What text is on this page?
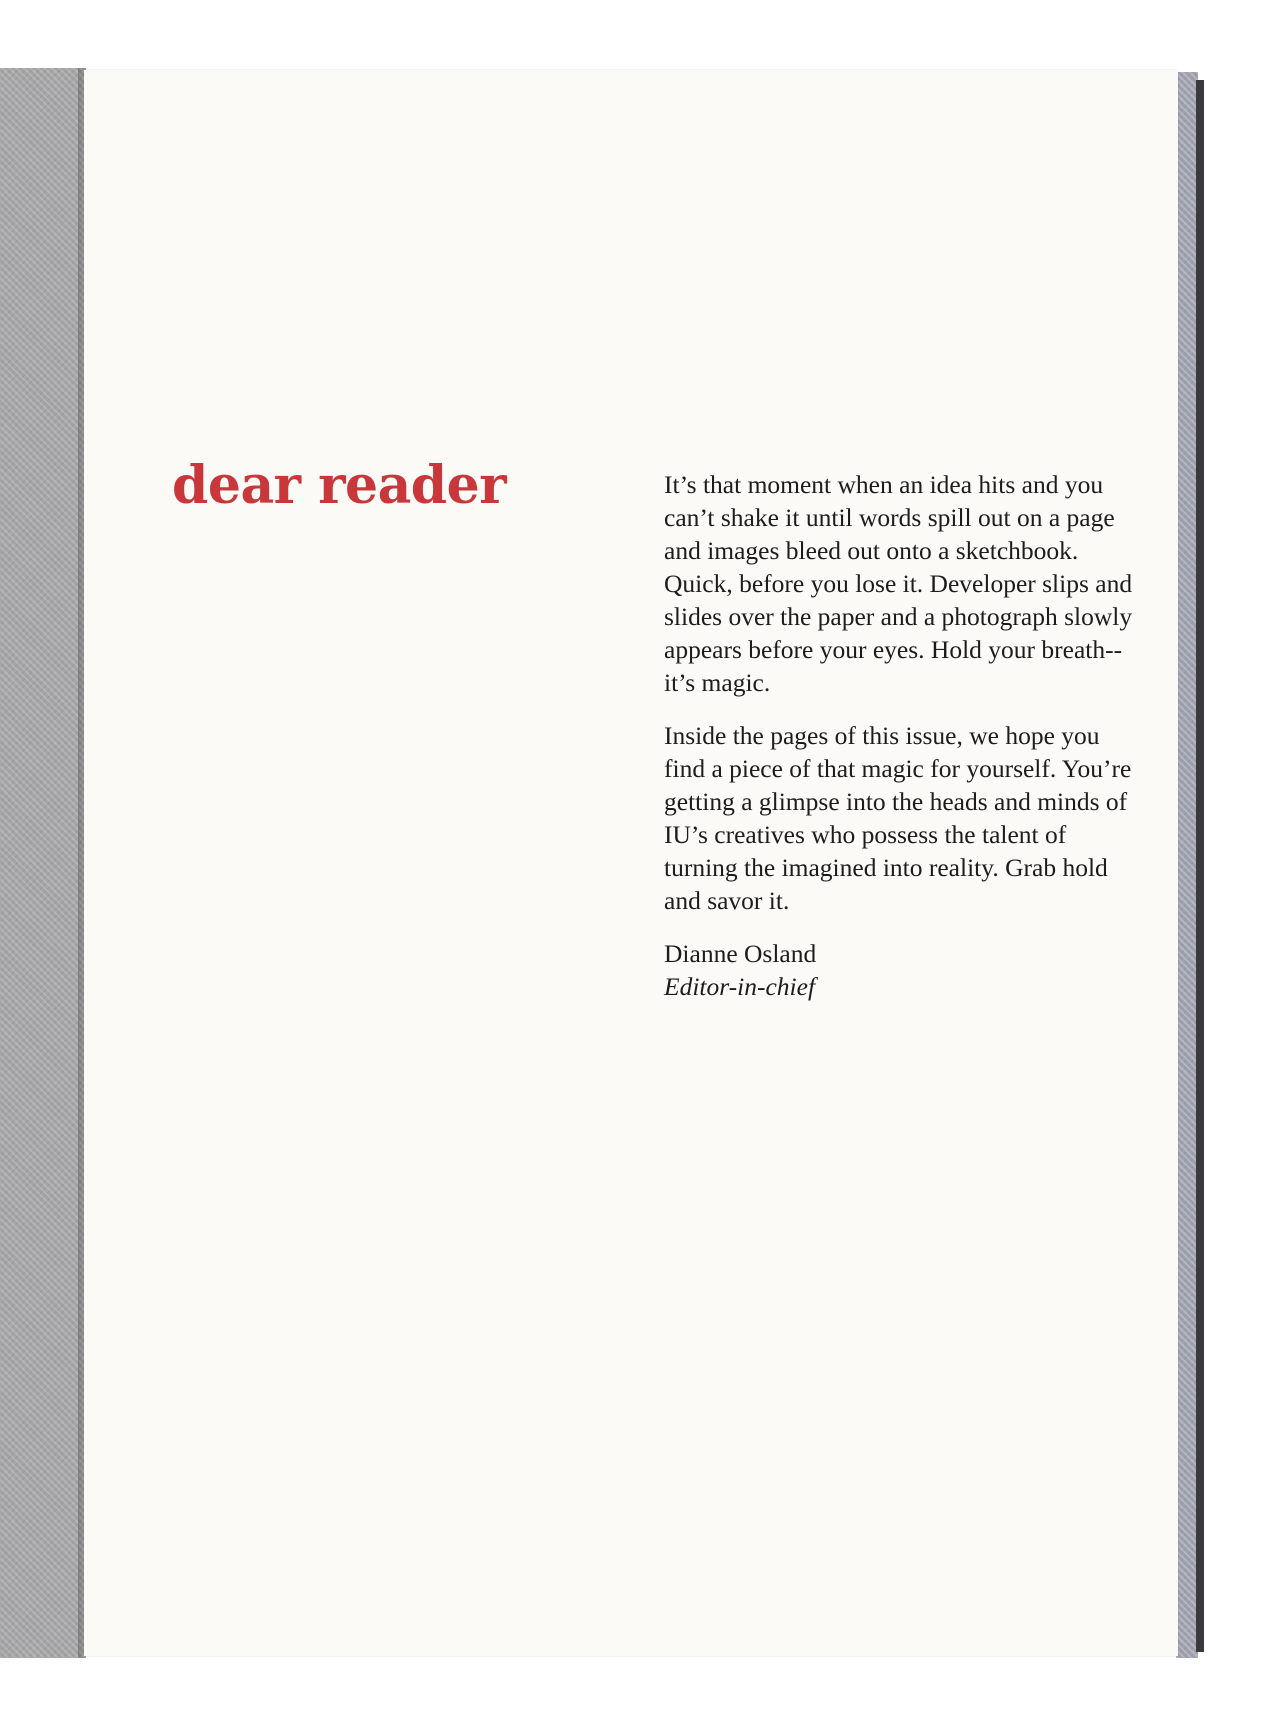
dear reader	It’s that moment when an idea hits and you can’t shake it until words spill out on a page and images bleed out onto a sketchbook. Quick, before you lose it. Developer slips and slides over the paper and a photograph slowly appears before your eyes. Hold your breath-- it’s magic.

Inside the pages of this issue, we hope you find a piece of that magic for yourself. You’re getting a glimpse into the heads and minds of IU’s creatives who possess the talent of turning the imagined into reality. Grab hold and savor it.

Dianne Osland
Editor-in-chief
